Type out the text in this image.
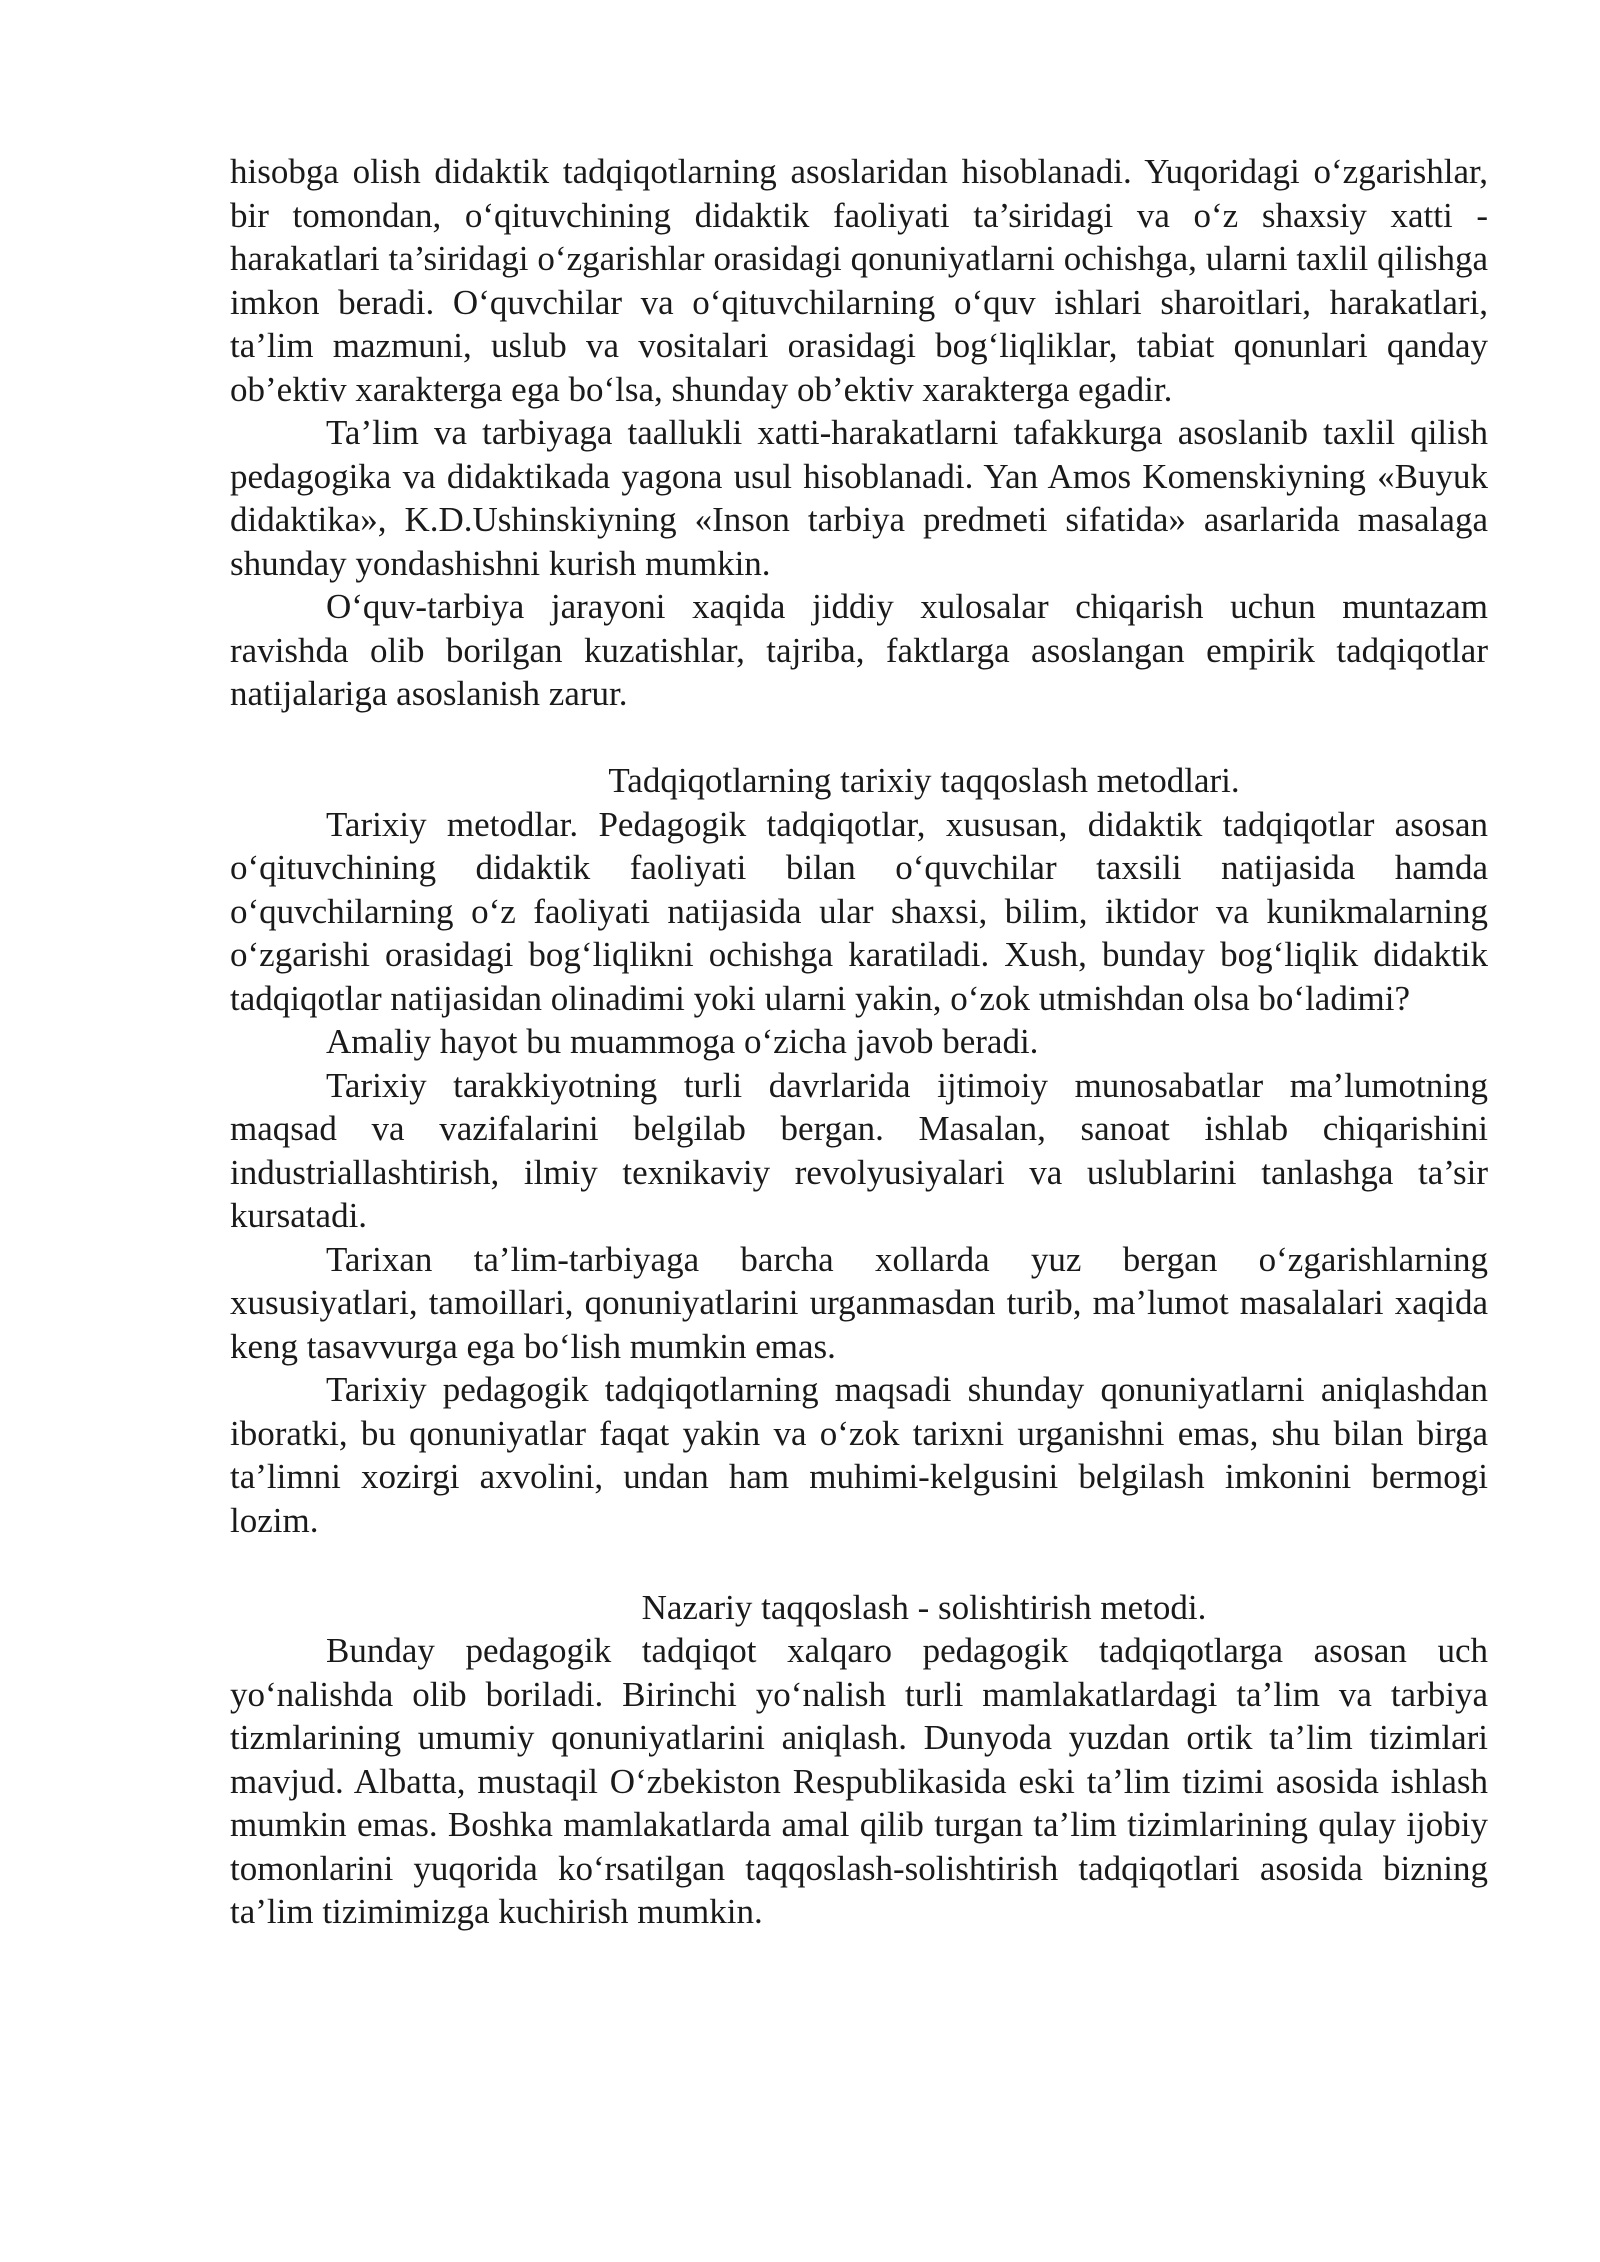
hisobga olish didaktik tadqiqotlarning asoslaridan hisoblanadi. Yuqoridagi o‘zgarishlar, bir tomondan, o‘qituvchining didaktik faoliyati ta’siridagi va o‘z shaxsiy xatti - harakatlari ta’siridagi o‘zgarishlar orasidagi qonuniyatlarni ochishga, ularni taxlil qilishga imkon beradi. O‘quvchilar va o‘qituvchilarning o‘quv ishlari sharoitlari, harakatlari, ta’lim mazmuni, uslub va vositalari orasidagi bog‘liqliklar, tabiat qonunlari qanday ob’ektiv xarakterga ega bo‘lsa, shunday ob’ektiv xarakterga egadir.

Ta’lim va tarbiyaga taallukli xatti-harakatlarni tafakkurga asoslanib taxlil qilish pedagogika va didaktikada yagona usul hisoblanadi. Yan Amos Komenskiyning «Buyuk didaktika», K.D.Ushinskiyning «Inson tarbiya predmeti sifatida» asarlarida masalaga shunday yondashishni kurish mumkin.

O‘quv-tarbiya jarayoni xaqida jiddiy xulosalar chiqarish uchun muntazam ravishda olib borilgan kuzatishlar, tajriba, faktlarga asoslangan empirik tadqiqotlar natijalariga asoslanish zarur.

Tadqiqotlarning tarixiy taqqoslash metodlari.

Tarixiy metodlar. Pedagogik tadqiqotlar, xususan, didaktik tadqiqotlar asosan o‘qituvchining didaktik faoliyati bilan o‘quvchilar taxsili natijasida hamda o‘quvchilarning o‘z faoliyati natijasida ular shaxsi, bilim, iktidor va kunikmalarning o‘zgarishi orasidagi bog‘liqlikni ochishga karatiladi. Xush, bunday bog‘liqlik didaktik tadqiqotlar natijasidan olinadimi yoki ularni yakin, o‘zok utmishdan olsa bo‘ladimi?

Amaliy hayot bu muammoga o‘zicha javob beradi.

Tarixiy tarakkiyotning turli davrlarida ijtimoiy munosabatlar ma’lumotning maqsad va vazifalarini belgilab bergan. Masalan, sanoat ishlab chiqarishini industriallashtirish, ilmiy texnikaviy revolyusiyalari va uslublarini tanlashga ta’sir kursatadi.

Tarixan ta’lim-tarbiyaga barcha xollarda yuz bergan o‘zgarishlarning xususiyatlari, tamoillari, qonuniyatlarini urganmasdan turib, ma’lumot masalalari xaqida keng tasavvurga ega bo‘lish mumkin emas.

Tarixiy pedagogik tadqiqotlarning maqsadi shunday qonuniyatlarni aniqlashdan iboratki, bu qonuniyatlar faqat yakin va o‘zok tarixni urganishni emas, shu bilan birga ta’limni xozirgi axvolini, undan ham muhimi-kelgusini belgilash imkonini bermogi lozim.

Nazariy taqqoslash - solishtirish metodi.

Bunday pedagogik tadqiqot xalqaro pedagogik tadqiqotlarga asosan uch yo‘nalishda olib boriladi. Birinchi yo‘nalish turli mamlakatlardagi ta’lim va tarbiya tizmlarining umumiy qonuniyatlarini aniqlash. Dunyoda yuzdan ortik ta’lim tizimlari mavjud. Albatta, mustaqil O‘zbekiston Respublikasida eski ta’lim tizimi asosida ishlash mumkin emas. Boshka mamlakatlarda amal qilib turgan ta’lim tizimlarining qulay ijobiy tomonlarini yuqorida ko‘rsatilgan taqqoslash-solishtirish tadqiqotlari asosida bizning ta’lim tizimimizga kuchirish mumkin.
